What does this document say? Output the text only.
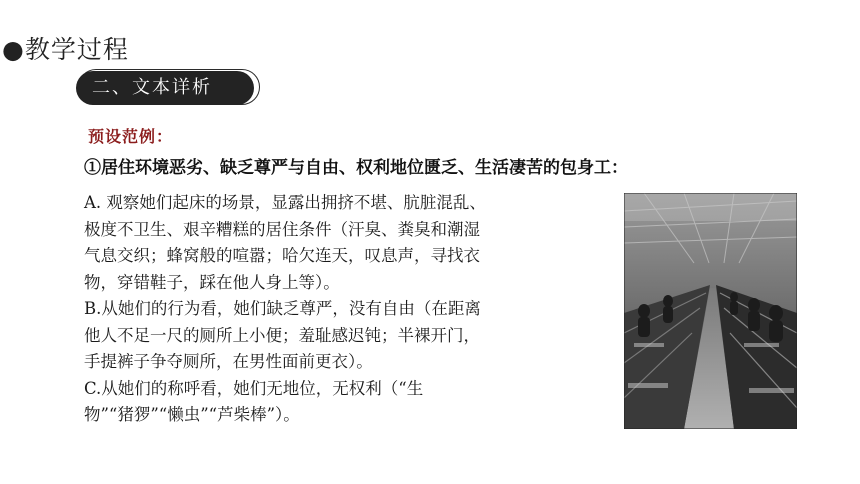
●教学过程
二、文本详析
预设范例：
①居住环境恶劣、缺乏尊严与自由、权利地位匮乏、生活凄苦的包身工：
A. 观察她们起床的场景，显露出拥挤不堪、肮脏混乱、
极度不卫生、艰辛糟糕的居住条件（汗臭、粪臭和潮湿
气息交织；蜂窝般的喧嚣；哈欠连天，叹息声，寻找衣
物，穿错鞋子，踩在他人身上等）。
B.从她们的行为看，她们缺乏尊严，没有自由（在距离
他人不足一尺的厕所上小便；羞耻感迟钝；半裸开门，
手提裤子争夺厕所，在男性面前更衣）。
C.从她们的称呼看，她们无地位，无权利（“生
物”“猪猡”“懒虫”“芦柴棒”）。
